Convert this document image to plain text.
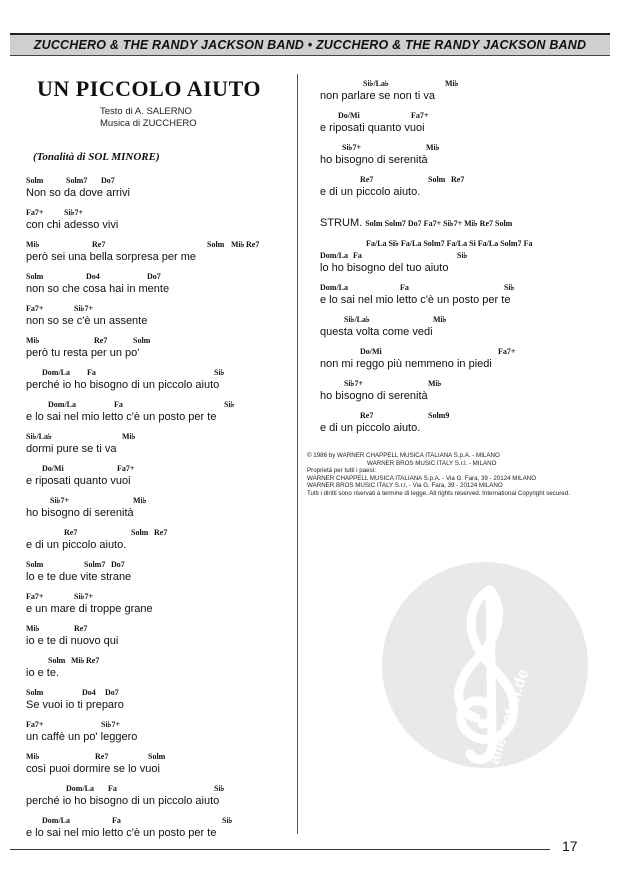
ZUCCHERO & THE RANDY JACKSON BAND • ZUCCHERO & THE RANDY JACKSON BAND
UN PICCOLO AIUTO
Testo di A. SALERNO
Musica di ZUCCHERO
(Tonalità di SOL MINORE)
Solm	Solm7 Do7
Non so da dove arrivi
Fa7+	Si♭7+
con chi adesso vivi
Mi♭	Re7	Solm Mi♭ Re7
però sei una bella sorpresa per me
Solm	Do4	Do7
non so che cosa hai in mente
Fa7+	Si♭7+
non so se c'è un assente
Mi♭	Re7	Solm
però tu resta per un po'
Dom/La Fa	Si♭
perché io ho bisogno di un piccolo aiuto
Dom/La	Fa	Si♭
e lo sai nel mio letto c'è un posto per te
Si♭/La♭	Mi♭
dormi pure se ti va
Do/Mi	Fa7+
e riposati quanto vuoi
Si♭7+	Mi♭
ho bisogno di serenità
Re7	Solm Re7
e di un piccolo aiuto.
Solm	Solm7 Do7
lo e te due vite strane
Fa7+	Si♭7+
e un mare di troppe grane
Mi♭	Re7
io e te di nuovo qui
Solm Mi♭ Re7
io e te.
Solm	Do4 Do7
Se vuoi io ti preparo
Fa7+	Si♭7+
un caffè un po' leggero
Mi♭	Re7	Solm
così puoi dormire se lo vuoi
Dom/La Fa	Si♭
perché io ho bisogno di un piccolo aiuto
Dom/La	Fa	Si♭
e lo sai nel mio letto c'è un posto per te
Si♭/La♭	Mi♭
non parlare se non ti va
Do/Mi	Fa7+
e riposati quanto vuoi
Si♭7+	Mi♭
ho bisogno di serenità
Re7	Solm Re7
e di un piccolo aiuto.
STRUM. Solm Solm7 Do7 Fa7+ Si♭7+ Mi♭ Re7 Solm
Fa/La Si♭ Fa/La Solm7 Fa/La Si Fa/La Solm7 Fa
Dom/La Fa	Si♭
lo ho bisogno del tuo aiuto
Dom/La	Fa	Si♭
e lo sai nel mio letto c'è un posto per te
Si♭/La♭	Mi♭
questa volta come vedi
Do/Mi	Fa7+
non mi reggo più nemmeno in piedi
Si♭7+	Mi♭
ho bisogno di serenità
Re7	Solm9
e di un piccolo aiuto.
© 1986 by WARNER CHAPPELL MUSICA ITALIANA S.p.A. - MILANO
WARNER BROS MUSIC ITALY S.r.l. - MILANO
Proprietà per tutti i paesi:
WARNER CHAPPELL MUSICA ITALIANA S.p.A. - Via G. Fara, 39 - 20124 MILANO
WARNER BROS MUSIC ITALY S.r.l. - Via G. Fara, 39 - 20124 MILANO
Tutti i diritti sono riservati a termine di legge. All rights reserved. International Copyright secured.
alle-noten.de
17
